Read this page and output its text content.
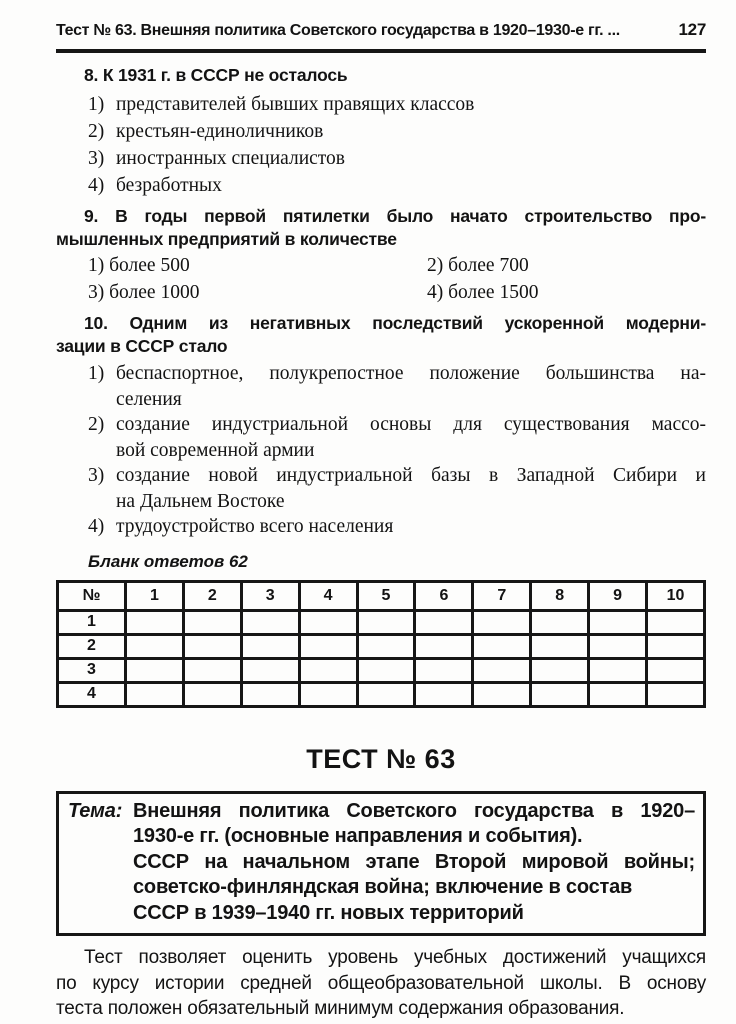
Тест № 63. Внешняя политика Советского государства в 1920–1930-е гг. ...	127
8. К 1931 г. в СССР не осталось
1) представителей бывших правящих классов
2) крестьян-единоличников
3) иностранных специалистов
4) безработных
9. В годы первой пятилетки было начато строительство про-
мышленных предприятий в количестве
1) более 500	2) более 700
3) более 1000	4) более 1500
10. Одним из негативных последствий ускоренной модерни-
зации в СССР стало
1) беспаспортное, полукрепостное положение большинства на-
селения
2) создание индустриальной основы для существования массо-
вой современной армии
3) создание новой индустриальной базы в Западной Сибири и
на Дальнем Востоке
4) трудоустройство всего населения
Бланк ответов 62
№	1	2	3	4	5	6	7	8	9	10
1										
2										
3										
4										
ТЕСТ № 63
Тема: Внешняя политика Советского государства в 1920–
1930-е гг. (основные направления и события).
СССР на начальном этапе Второй мировой войны;
советско-финляндская война; включение в состав
СССР в 1939–1940 гг. новых территорий
Тест позволяет оценить уровень учебных достижений учащихся
по курсу истории средней общеобразовательной школы. В основу
теста положен обязательный минимум содержания образования.
